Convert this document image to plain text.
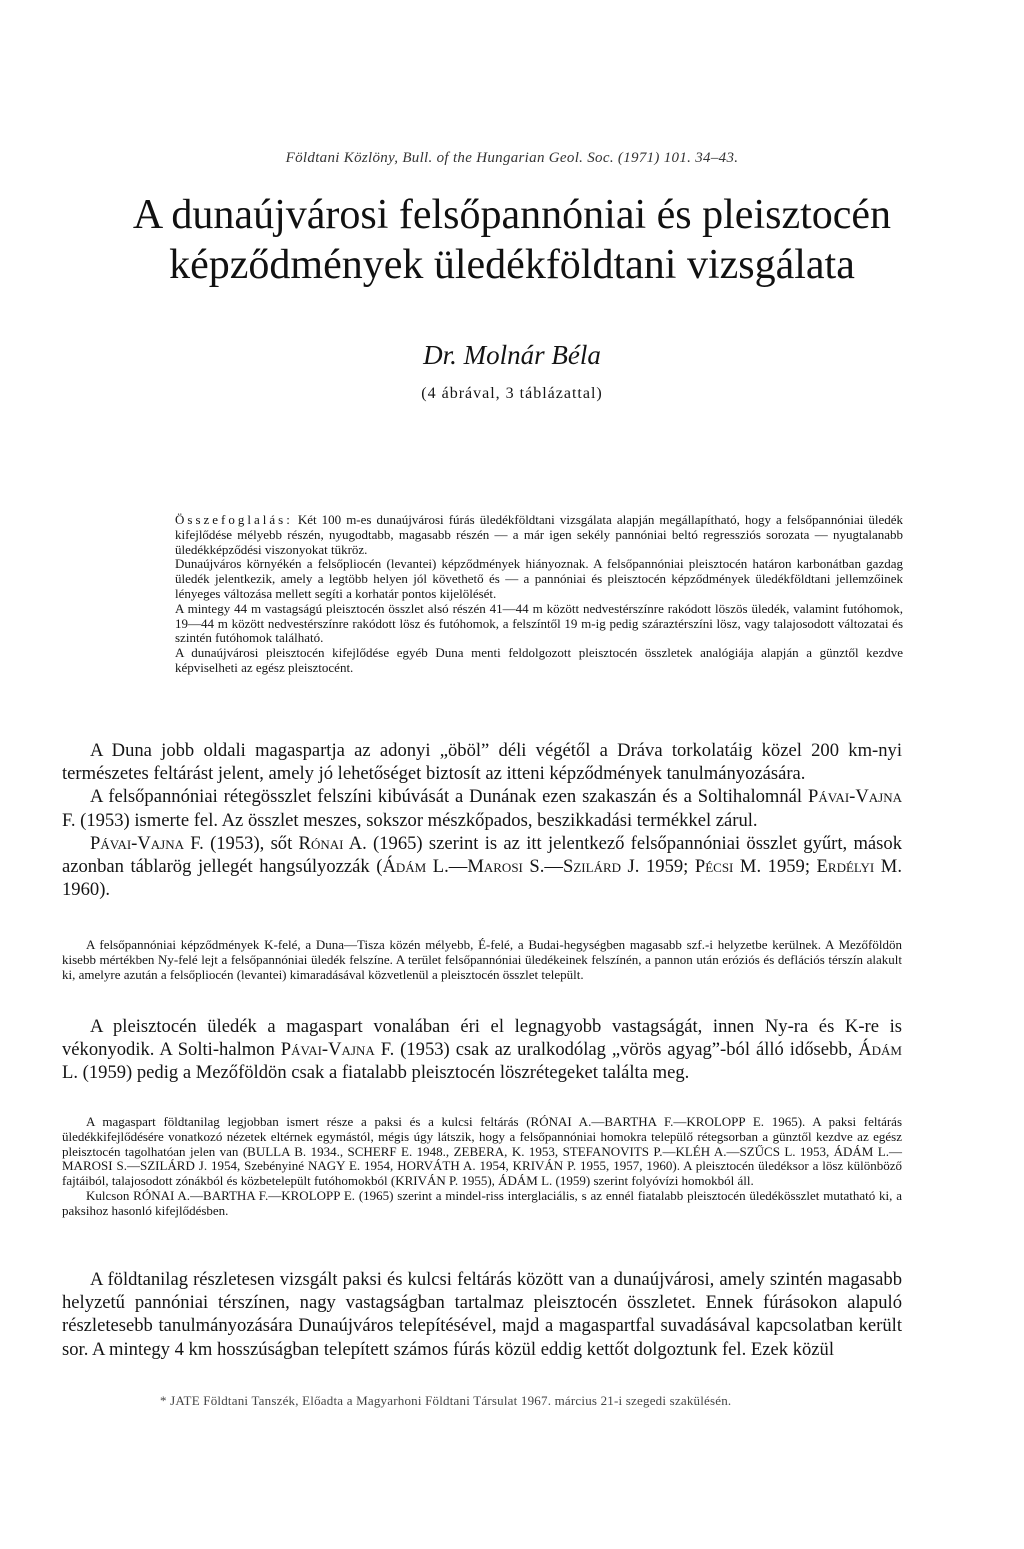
Földtani Közlöny, Bull. of the Hungarian Geol. Soc. (1971) 101. 34–43.
A dunaújvárosi felsőpannóniai és pleisztocén
képződmények üledékföldtani vizsgálata
Dr. Molnár Béla
(4 ábrával, 3 táblázattal)

Összefoglalás: Két 100 m-es dunaújvárosi fúrás üledékföldtani vizsgálata alapján megállapítható, hogy a felsőpannóniai üledék kifejlődése mélyebb részén, nyugodtabb, magasabb részén — a már igen sekély pannóniai beltó regressziós sorozata — nyugtalanabb üledékképződési viszonyokat tükröz.

Dunaújváros környékén a felsőpliocén (levantei) képződmények hiányoznak. A felsőpannóniai pleisztocén határon karbonátban gazdag üledék jelentkezik, amely a legtöbb helyen jól követhető és — a pannóniai és pleisztocén képződmények üledékföldtani jellemzőinek lényeges változása mellett segíti a korhatár pontos kijelölését.

A mintegy 44 m vastagságú pleisztocén összlet alsó részén 41—44 m között nedvestérszínre rakódott löszös üledék, valamint futóhomok, 19—44 m között nedvestérszínre rakódott lösz és futóhomok, a felszíntől 19 m-ig pedig száraztérszíni lösz, vagy talajosodott változatai és szintén futóhomok található.

A dunaújvárosi pleisztocén kifejlődése egyéb Duna menti feldolgozott pleisztocén összletek analógiája alapján a günztől kezdve képviselheti az egész pleisztocént.

A Duna jobb oldali magaspartja az adonyi „öböl” déli végétől a Dráva torkolatáig közel 200 km-nyi természetes feltárást jelent, amely jó lehetőséget biztosít az itteni képződmények tanulmányozására.

A felsőpannóniai rétegösszlet felszíni kibúvását a Dunának ezen szakaszán és a Soltihalomnál Pávai-Vajna F. (1953) ismerte fel. Az összlet meszes, sokszor mészkőpados, beszikkadási termékkel zárul.

Pávai-Vajna F. (1953), sőt Rónai A. (1965) szerint is az itt jelentkező felsőpannóniai összlet gyűrt, mások azonban táblarög jellegét hangsúlyozzák (Ádám L.—Marosi S.—Szilárd J. 1959; Pécsi M. 1959; Erdélyi M. 1960).

A felsőpannóniai képződmények K-felé, a Duna—Tisza közén mélyebb, É-felé, a Budai-hegységben magasabb szf.-i helyzetbe kerülnek. A Mezőföldön kisebb mértékben Ny-felé lejt a felsőpannóniai üledék felszíne. A terület felsőpannóniai üledékeinek felszínén, a pannon után eróziós és deflációs térszín alakult ki, amelyre azután a felsőpliocén (levantei) kimaradásával közvetlenül a pleisztocén összlet települt.

A pleisztocén üledék a magaspart vonalában éri el legnagyobb vastagságát, innen Ny-ra és K-re is vékonyodik. A Solti-halmon Pávai-Vajna F. (1953) csak az uralkodólag „vörös agyag”-ból álló idősebb, Ádám L. (1959) pedig a Mezőföldön csak a fiatalabb pleisztocén löszrétegeket találta meg.

A magaspart földtanilag legjobban ismert része a paksi és a kulcsi feltárás (RÓNAI A.—BARTHA F.—KROLOPP E. 1965). A paksi feltárás üledékkifejlődésére vonatkozó nézetek eltérnek egymástól, mégis úgy látszik, hogy a felsőpannóniai homokra települő rétegsorban a günztől kezdve az egész pleisztocén tagolhatóan jelen van (BULLA B. 1934., SCHERF E. 1948., ZEBERA, K. 1953, STEFANOVITS P.—KLÉH A.—SZŰCS L. 1953, ÁDÁM L.—MAROSI S.—SZILÁRD J. 1954, Szebényiné NAGY E. 1954, HORVÁTH A. 1954, KRIVÁN P. 1955, 1957, 1960). A pleisztocén üledéksor a lösz különböző fajtáiból, talajosodott zónákból és közbetelepült futóhomokból (KRIVÁN P. 1955), ÁDÁM L. (1959) szerint folyóvízi homokból áll.

Kulcson RÓNAI A.—BARTHA F.—KROLOPP E. (1965) szerint a mindel-riss interglaciális, s az ennél fiatalabb pleisztocén üledékösszlet mutatható ki, a paksihoz hasonló kifejlődésben.

A földtanilag részletesen vizsgált paksi és kulcsi feltárás között van a dunaújvárosi, amely szintén magasabb helyzetű pannóniai térszínen, nagy vastagságban tartalmaz pleisztocén összletet. Ennek fúrásokon alapuló részletesebb tanulmányozására Dunaújváros telepítésével, majd a magaspartfal suvadásával kapcsolatban került sor. A mintegy 4 km hosszúságban telepített számos fúrás közül eddig kettőt dolgoztunk fel. Ezek közül

* JATE Földtani Tanszék, Előadta a Magyarhoni Földtani Társulat 1967. március 21-i szegedi szakülésén.
